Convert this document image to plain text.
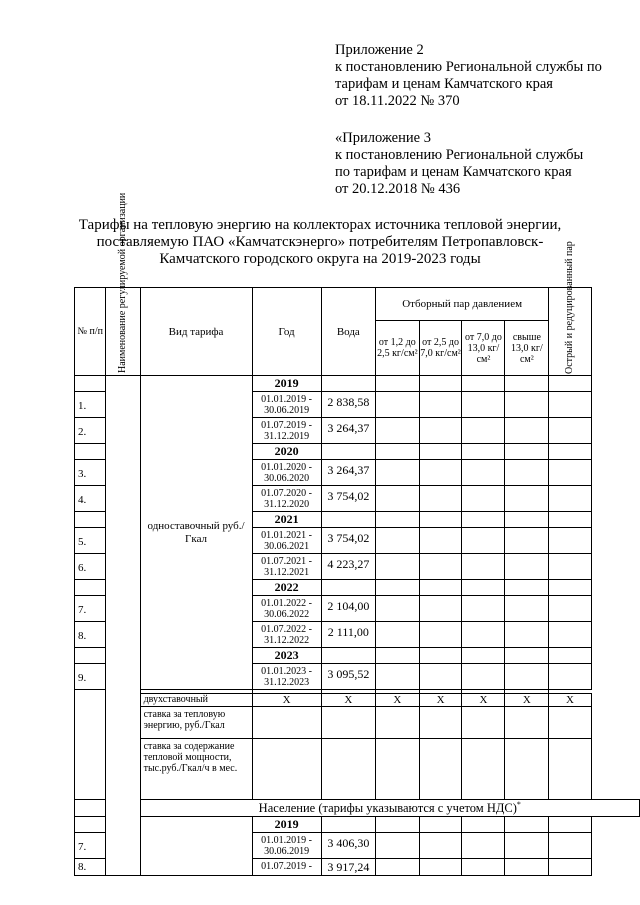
Приложение 2

к постановлению Региональной службы по

тарифам и ценам Камчатского края

от 18.11.2022 № 370

«Приложение 3

к постановлению Региональной службы

по тарифам и ценам Камчатского края

от 20.12.2018 № 436

Тарифы на тепловую энергию на коллекторах источника тепловой энергии,

поставляемую ПАО «Камчатскэнерго» потребителям Петропавловск-

Камчатского городского округа на 2019-2023 годы

№ п/п	Наименование регулируемой организации	Вид тарифа	Год	Вода	Отборный пар давлением				Острый и редуцированный пар

					от 1,2 до 2,5 кг/см²	от 2,5 до 7,0 кг/см²	от 7,0 до 13,0 кг/см²	свыше 13,0 кг/см²	
		одноставочный руб./Гкал	2019						
1.			01.01.2019 - 30.06.2019	2 838,58					
2.			01.07.2019 - 31.12.2019	3 264,37					
			2020						
3.			01.01.2020 - 30.06.2020	3 264,37					
4.			01.07.2020 - 31.12.2020	3 754,02					
			2021						
5.			01.01.2021 - 30.06.2021	3 754,02					
6.			01.07.2021 - 31.12.2021	4 223,27					
			2022						
7.			01.01.2022 - 30.06.2022	2 104,00					
8.			01.07.2022 - 31.12.2022	2 111,00					
			2023						
9.			01.01.2023 - 31.12.2023	3 095,52					

		двухставочный	X	X	X	X	X	X	X
		ставка за тепловую энергию, руб./Гкал							
		ставка за содержание тепловой мощности, тыс.руб./Гкал/ч в мес.							
		Население (тарифы указываются с учетом НДС)*
			2019						
7.			01.01.2019 - 30.06.2019	3 406,30					
8.			01.07.2019 -	3 917,24					
